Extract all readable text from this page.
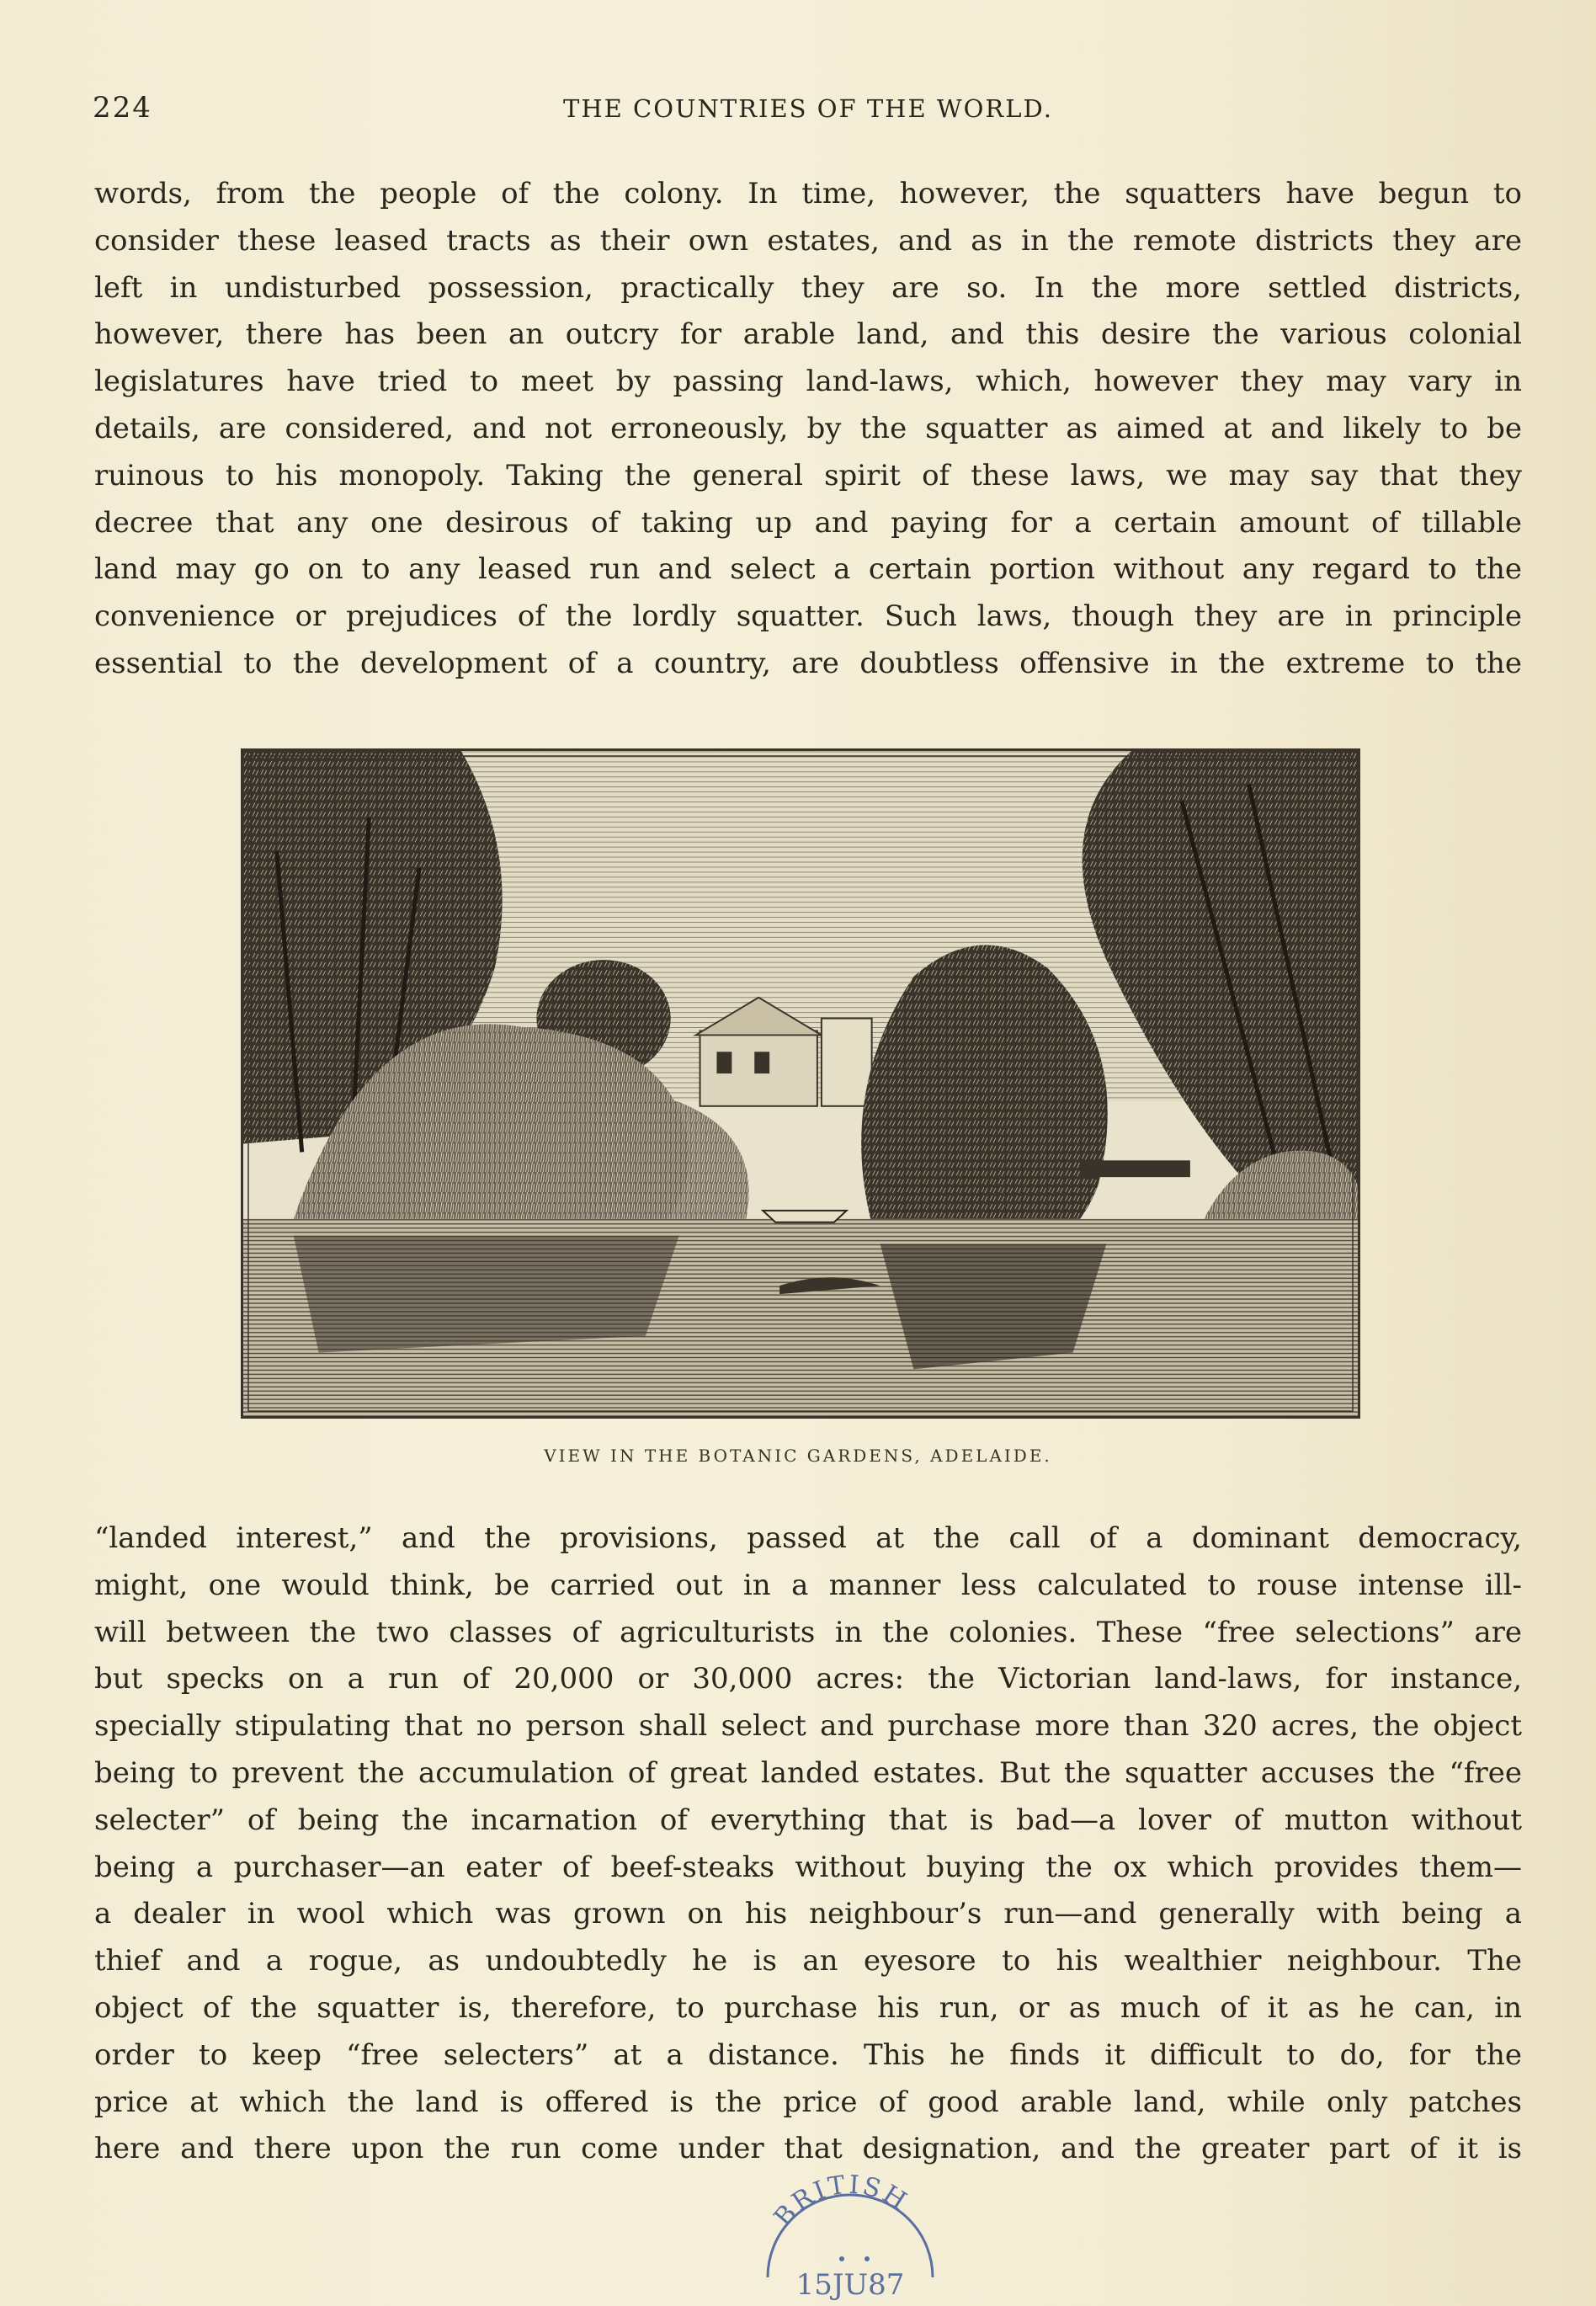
224	THE COUNTRIES OF THE WORLD.
words, from the people of the colony. In time, however, the squatters have begun to
consider these leased tracts as their own estates, and as in the remote districts they are
left in undisturbed possession, practically they are so. In the more settled districts,
however, there has been an outcry for arable land, and this desire the various colonial
legislatures have tried to meet by passing land-laws, which, however they may vary in
details, are considered, and not erroneously, by the squatter as aimed at and likely to be
ruinous to his monopoly. Taking the general spirit of these laws, we may say that they
decree that any one desirous of taking up and paying for a certain amount of tillable
land may go on to any leased run and select a certain portion without any regard to the
convenience or prejudices of the lordly squatter. Such laws, though they are in principle
essential to the development of a country, are doubtless offensive in the extreme to the
VIEW IN THE BOTANIC GARDENS, ADELAIDE.
“landed interest,” and the provisions, passed at the call of a dominant democracy,
might, one would think, be carried out in a manner less calculated to rouse intense ill-
will between the two classes of agriculturists in the colonies. These “free selections” are
but specks on a run of 20,000 or 30,000 acres: the Victorian land-laws, for instance,
specially stipulating that no person shall select and purchase more than 320 acres, the object
being to prevent the accumulation of great landed estates. But the squatter accuses the “free
selecter” of being the incarnation of everything that is bad—a lover of mutton without
being a purchaser—an eater of beef-steaks without buying the ox which provides them—
a dealer in wool which was grown on his neighbour’s run—and generally with being a
thief and a rogue, as undoubtedly he is an eyesore to his wealthier neighbour. The
object of the squatter is, therefore, to purchase his run, or as much of it as he can, in
order to keep “free selecters” at a distance. This he finds it difficult to do, for the
price at which the land is offered is the price of good arable land, while only patches
here and there upon the run come under that designation, and the greater part of it is
BRITISH
15JU87
